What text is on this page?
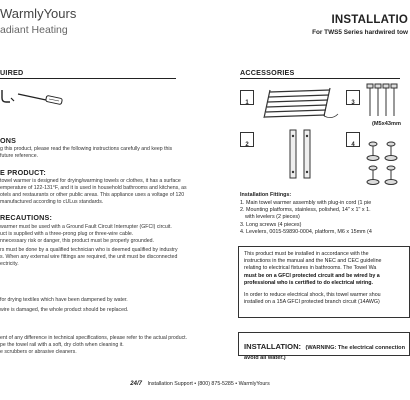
WarmlyYours
adiant Heating
INSTALLATIO
For TWS5 Series hardwired tow
UIRED
ONS
g this product, please read the following instructions carefully and keep this
future reference.
E PRODUCT:
towel warmer is designed for drying/warming towels or clothes, it has a surface
emperature of 122-131°F, and it is used in household bathrooms and kitchens, as
otels and restaurants or other public areas. This appliance uses a voltage of 120
manufactured according to cULus standards.
RECAUTIONS:
warmer must be used with a Ground Fault Circuit Interrupter (GFCI) circuit.
uct is supplied with a three-prong plug or three-wire cable.
nnecessary risk or danger, this product must be properly grounded.
rs must be done by a qualified technician who is deemed qualified by industry
s. When any external wire fittings are required, the unit must be disconnected
ectricity.
for drying textiles which have been dampened by water.
wire is damaged, the whole product should be replaced.
ent of any difference in technical specifications, please refer to the actual product.
pe the towel rail with a soft, dry cloth when cleaning it.
e scrubbers or abrasive cleaners.
ACCESSORIES
1	3
(M5x43mm
2	4
Installation Fittings:
1. Main towel warmer assembly with plug-in cord (1 pie
2. Mounting platforms, stainless, polished, 14" x 1" x 1.
with levelers (2 pieces)
3. Long screws (4 pieces)
4. Levelers, 0015-59890-0004, platform, M6 x 15mm (4
This product must be installed in accordance with the
instructions in the manual and the NEC and CEC guideline
relating to electrical fixtures in bathrooms. The Towel Wa
must be on a GFCI protected circuit and be wired by a
professional who is certified to do electrical wiring.
In order to reduce electrical shock, this towel warmer shou
installed on a 15A GFCI protected branch circuit (14AWG)
INSTALLATION: (WARNING: The electrical connection
avoid all water.)
24/7 Installation Support • (800) 875-5285 • WarmlyYours
